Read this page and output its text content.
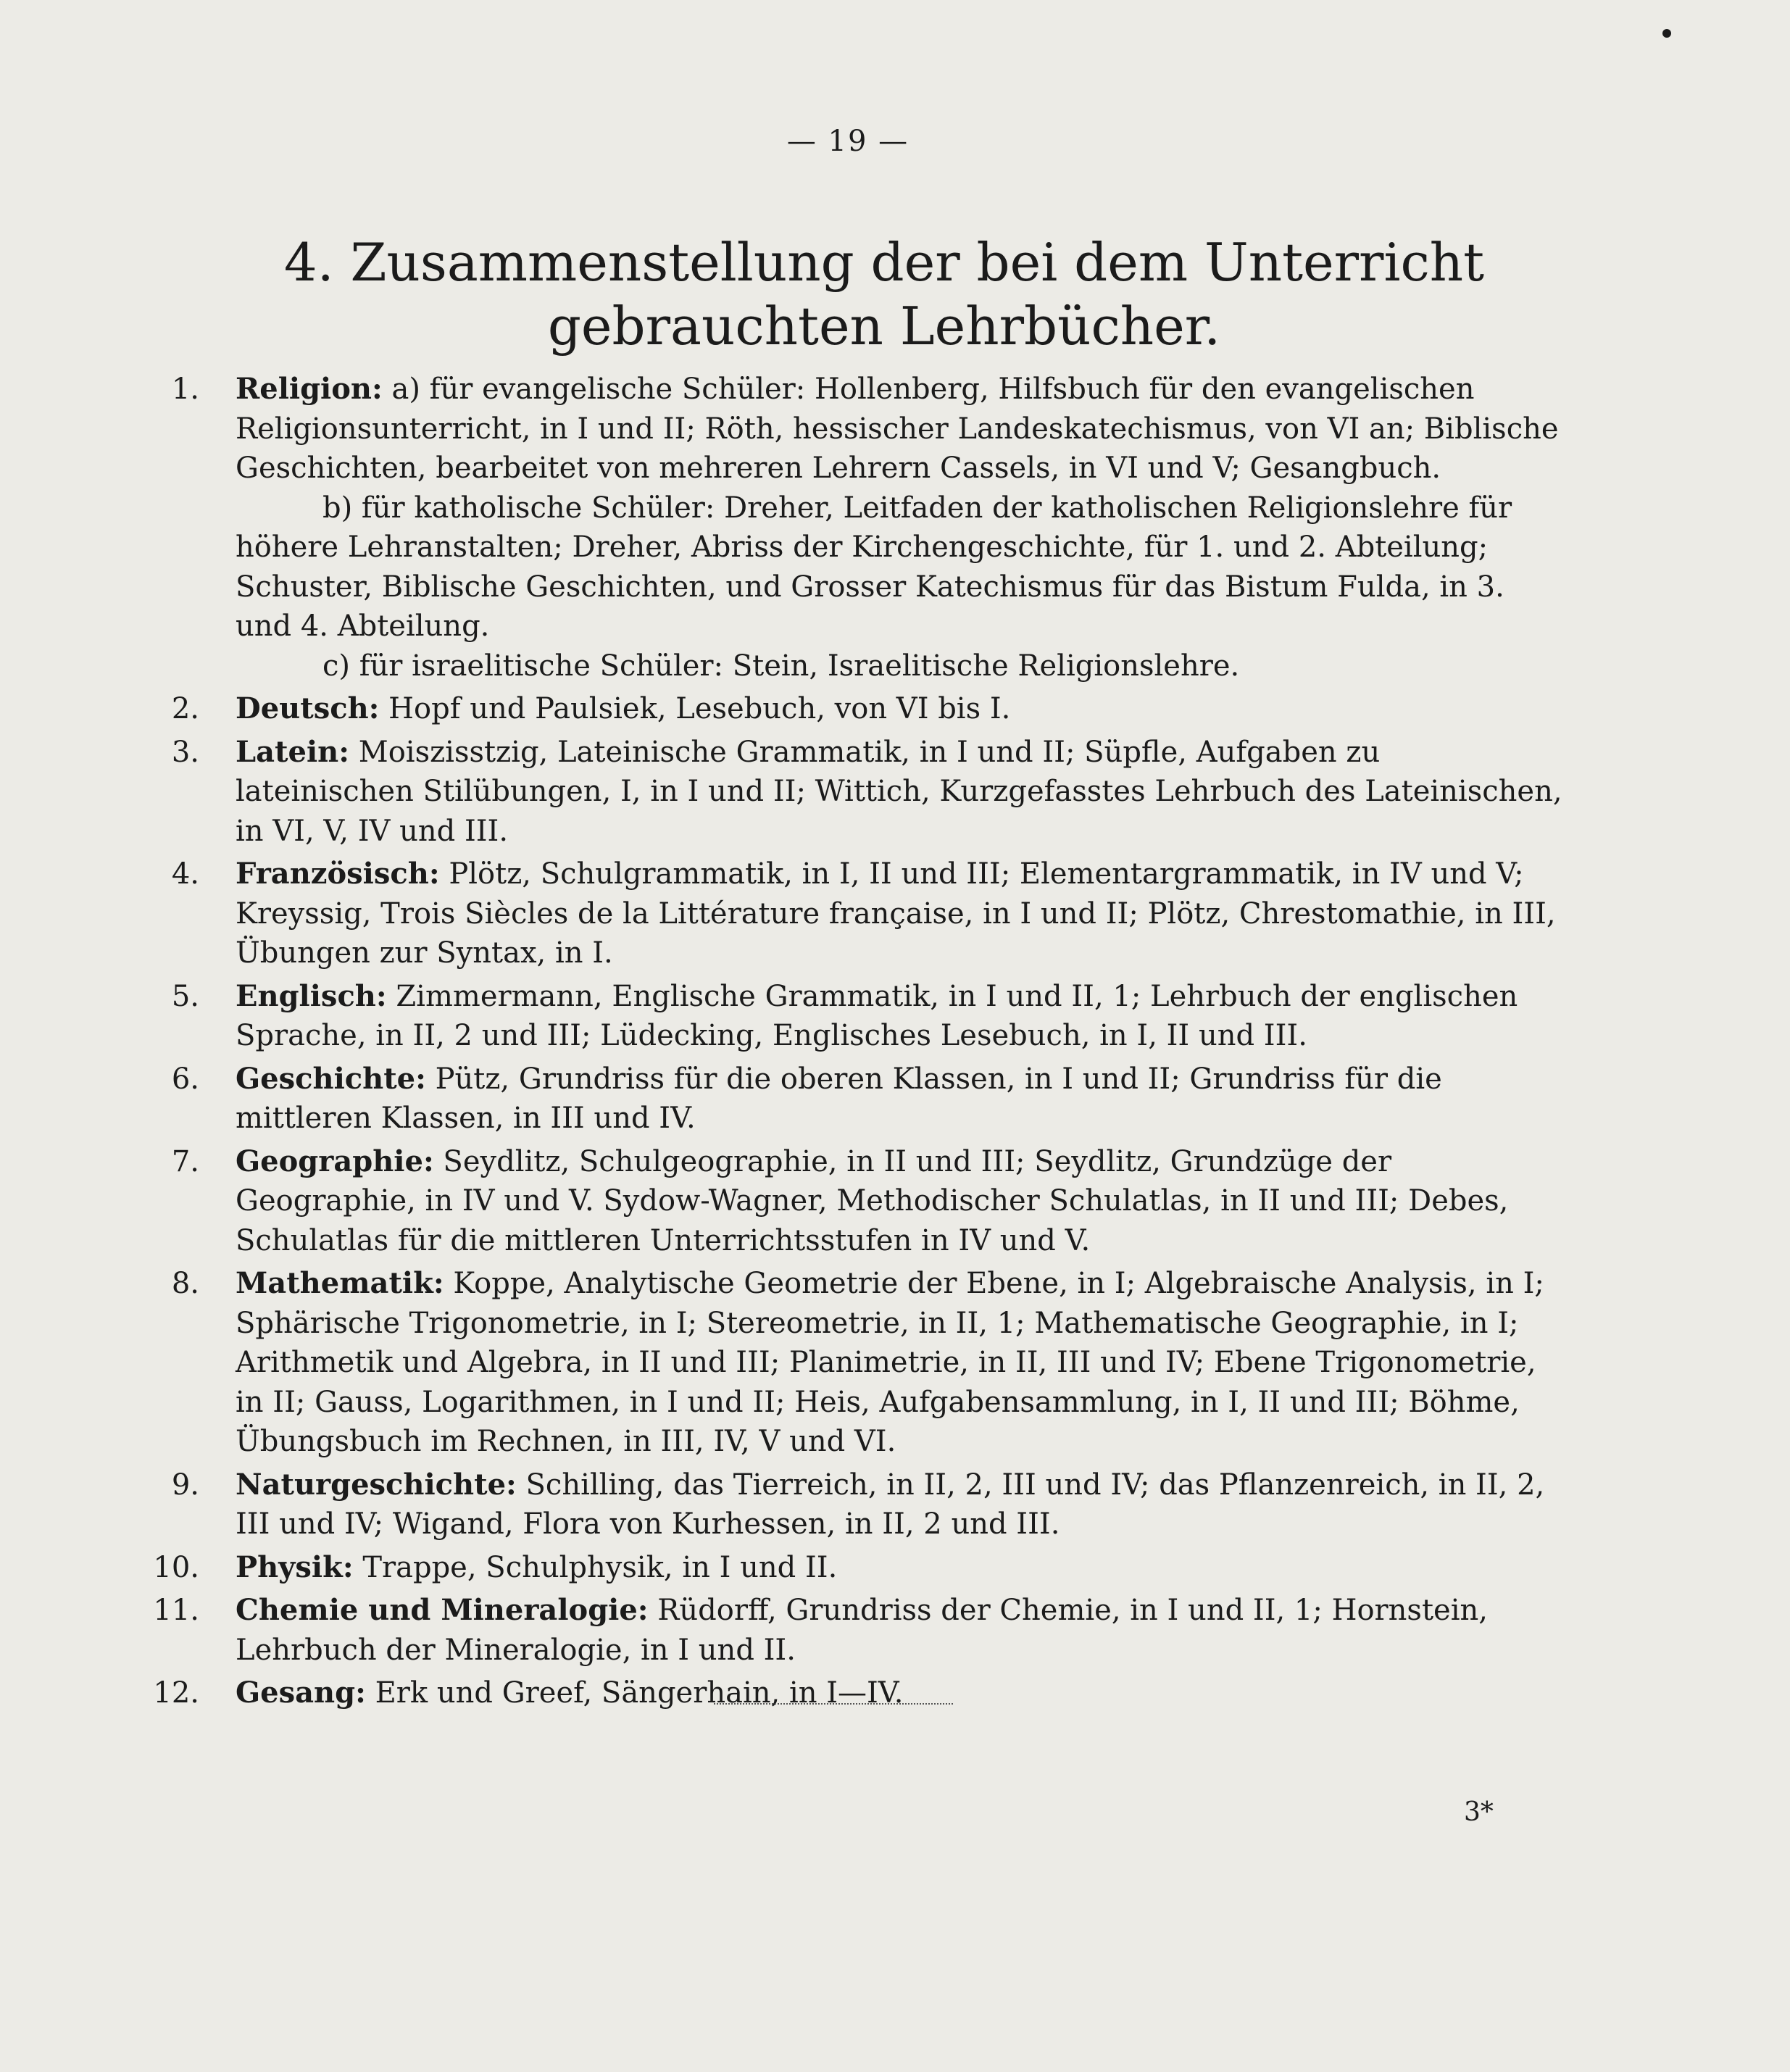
— 19 —
4. Zusammenstellung der bei dem Unterricht gebrauchten Lehrbücher.
1. Religion: a) für evangelische Schüler: Hollenberg, Hilfsbuch für den evangelischen Religionsunterricht, in I und II; Röth, hessischer Landeskatechismus, von VI an; Biblische Geschichten, bearbeitet von mehreren Lehrern Cassels, in VI und V; Gesangbuch.
b) für katholische Schüler: Dreher, Leitfaden der katholischen Religionslehre für höhere Lehranstalten; Dreher, Abriss der Kirchengeschichte, für 1. und 2. Abteilung; Schuster, Biblische Geschichten, und Grosser Katechismus für das Bistum Fulda, in 3. und 4. Abteilung.
c) für israelitische Schüler: Stein, Israelitische Religionslehre.
2. Deutsch: Hopf und Paulsiek, Lesebuch, von VI bis I.
3. Latein: Moiszisstzig, Lateinische Grammatik, in I und II; Süpfle, Aufgaben zu lateinischen Stilübungen, I, in I und II; Wittich, Kurzgefasstes Lehrbuch des Lateinischen, in VI, V, IV und III.
4. Französisch: Plötz, Schulgrammatik, in I, II und III; Elementargrammatik, in IV und V; Kreyssig, Trois Siècles de la Littérature française, in I und II; Plötz, Chrestomathie, in III, Übungen zur Syntax, in I.
5. Englisch: Zimmermann, Englische Grammatik, in I und II, 1; Lehrbuch der englischen Sprache, in II, 2 und III; Lüdecking, Englisches Lesebuch, in I, II und III.
6. Geschichte: Pütz, Grundriss für die oberen Klassen, in I und II; Grundriss für die mittleren Klassen, in III und IV.
7. Geographie: Seydlitz, Schulgeographie, in II und III; Seydlitz, Grundzüge der Geographie, in IV und V. Sydow-Wagner, Methodischer Schulatlas, in II und III; Debes, Schulatlas für die mittleren Unterrichtsstufen in IV und V.
8. Mathematik: Koppe, Analytische Geometrie der Ebene, in I; Algebraische Analysis, in I; Sphärische Trigonometrie, in I; Stereometrie, in II, 1; Mathematische Geographie, in I; Arithmetik und Algebra, in II und III; Planimetrie, in II, III und IV; Ebene Trigonometrie, in II; Gauss, Logarithmen, in I und II; Heis, Aufgabensammlung, in I, II und III; Böhme, Übungsbuch im Rechnen, in III, IV, V und VI.
9. Naturgeschichte: Schilling, das Tierreich, in II, 2, III und IV; das Pflanzenreich, in II, 2, III und IV; Wigand, Flora von Kurhessen, in II, 2 und III.
10. Physik: Trappe, Schulphysik, in I und II.
11. Chemie und Mineralogie: Rüdorff, Grundriss der Chemie, in I und II, 1; Hornstein, Lehrbuch der Mineralogie, in I und II.
12. Gesang: Erk und Greef, Sängerhain, in I—IV.
3*
